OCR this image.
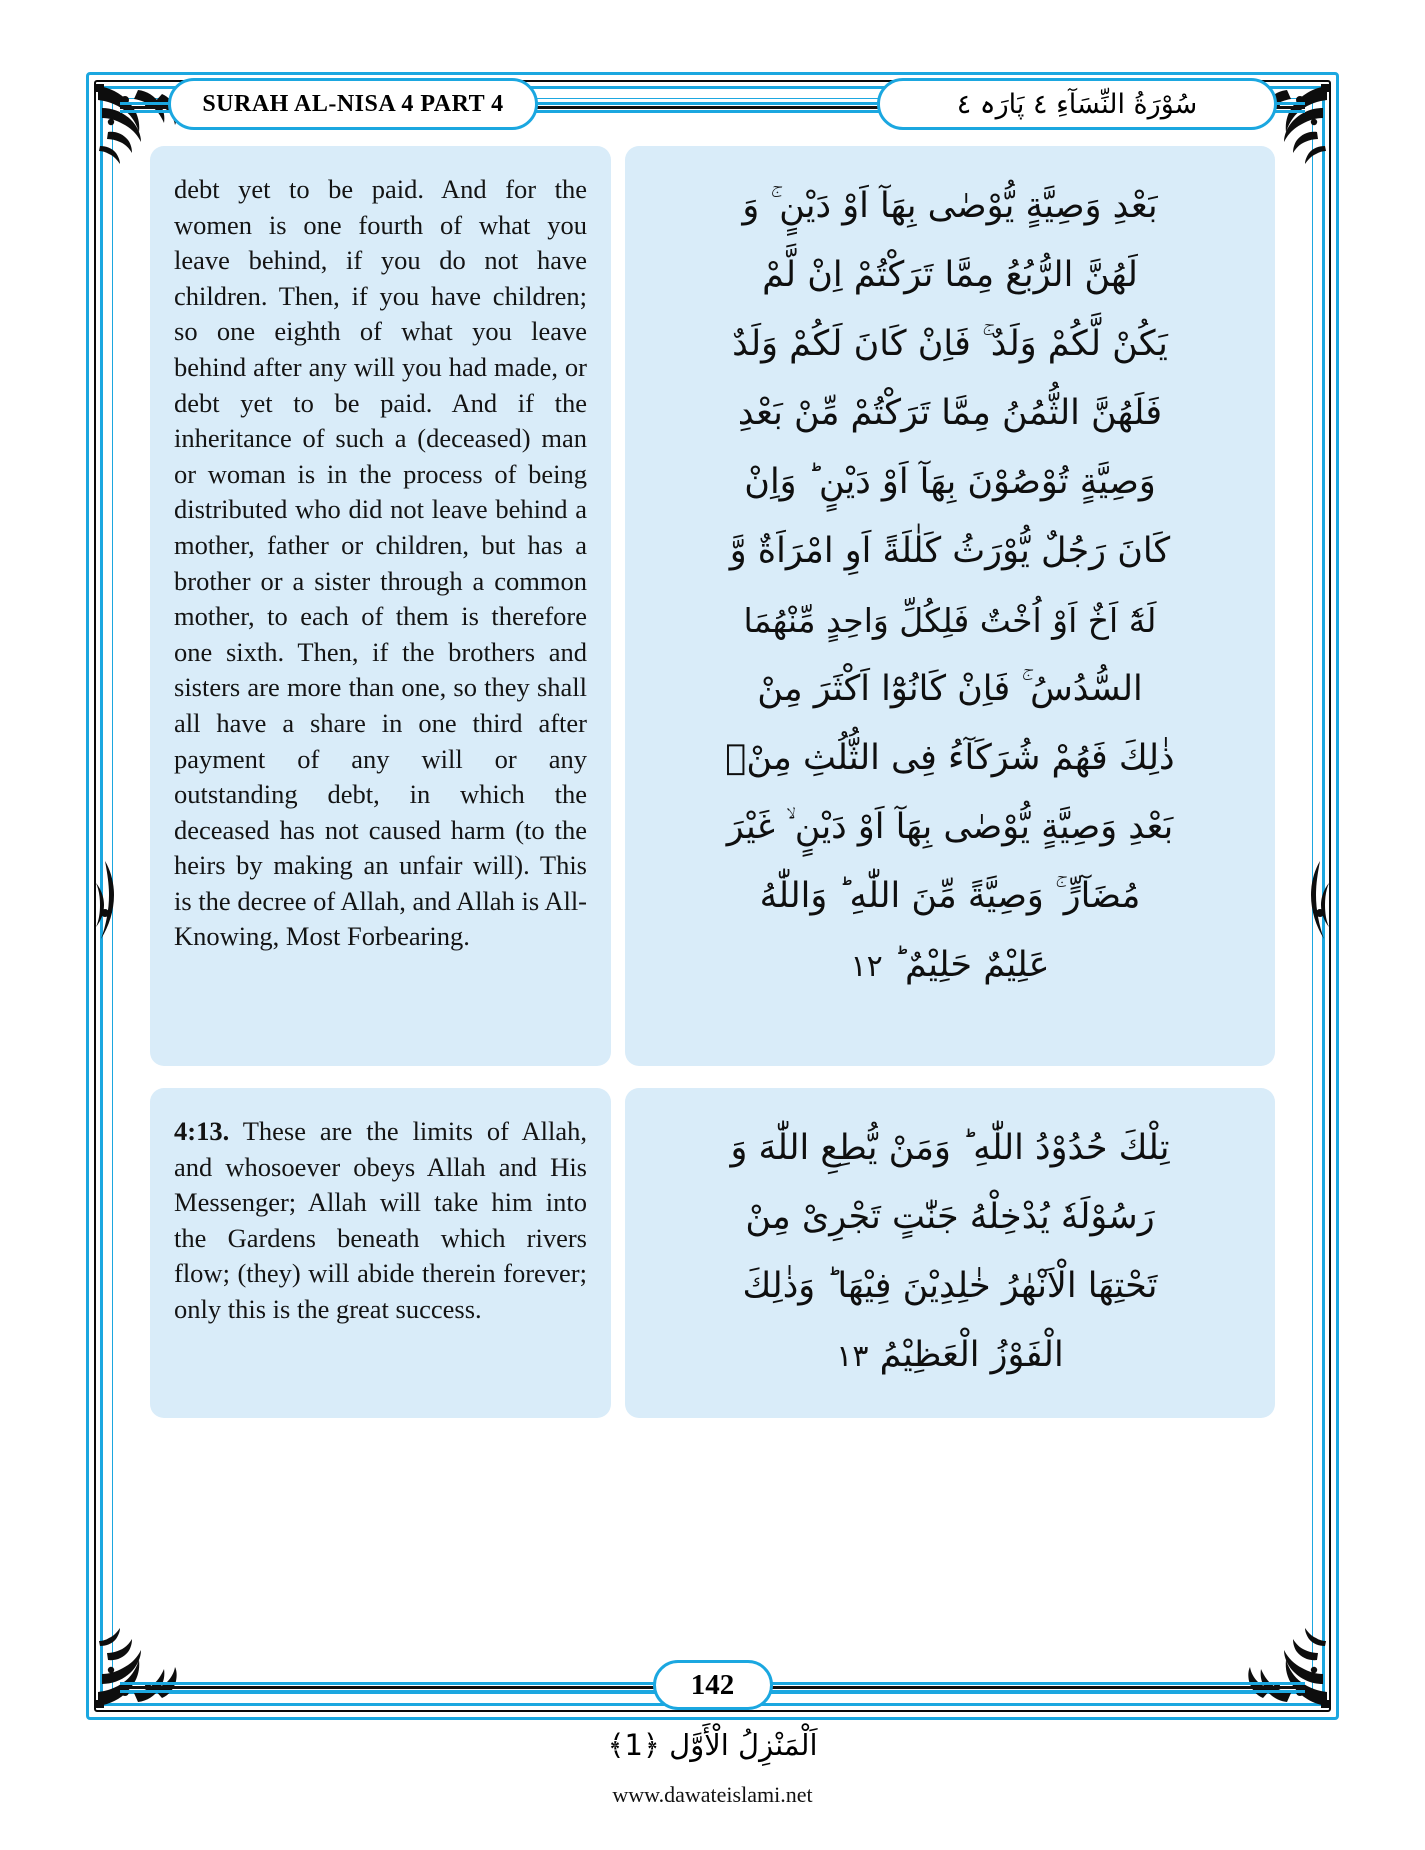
SURAH AL-NISA 4 PART 4	سُوْرَةُ النِّسَآءِ ٤ پَارَہ ٤
debt yet to be paid. And for the women is one fourth of what you leave behind, if you do not have children. Then, if you have children; so one eighth of what you leave behind after any will you had made, or debt yet to be paid. And if the inheritance of such a (deceased) man or woman is in the process of being distributed who did not leave behind a mother, father or children, but has a brother or a sister through a common mother, to each of them is therefore one sixth. Then, if the brothers and sisters are more than one, so they shall all have a share in one third after payment of any will or any outstanding debt, in which the deceased has not caused harm (to the heirs by making an unfair will). This is the decree of Allah, and Allah is All-Knowing, Most Forbearing.
بَعْدِ وَصِيَّةٍ يُّوْصٰى بِهَآ اَوْ دَيْنٍ ۚ وَ
لَهُنَّ الرُّبُعُ مِمَّا تَرَكْتُمْ اِنْ لَّمْ
يَكُنْ لَّكُمْ وَلَدٌ ۚ فَاِنْ كَانَ لَكُمْ وَلَدٌ
فَلَهُنَّ الثُّمُنُ مِمَّا تَرَكْتُمْ مِّنْ بَعْدِ
وَصِيَّةٍ تُوْصُوْنَ بِهَآ اَوْ دَيْنٍ ؕ وَاِنْ
كَانَ رَجُلٌ يُّوْرَثُ كَلٰلَةً اَوِ امْرَاَةٌ وَّ
لَهٗٓ اَخٌ اَوْ اُخْتٌ فَلِكُلِّ وَاحِدٍ مِّنْهُمَا
السُّدُسُ ۚ فَاِنْ كَانُوْٓا اَكْثَرَ مِنْ
ذٰلِكَ فَهُمْ شُرَكَآءُ فِى الثُّلُثِ مِنْۢ
بَعْدِ وَصِيَّةٍ يُّوْصٰى بِهَآ اَوْ دَيْنٍ ۙ غَيْرَ
مُضَآرٍّ ۚ وَصِيَّةً مِّنَ اللّٰهِ ؕ وَاللّٰهُ
عَلِيْمٌ حَلِيْمٌ ؕ ۱۲
4:13. These are the limits of Allah, and whosoever obeys Allah and His Messenger; Allah will take him into the Gardens beneath which rivers flow; (they) will abide therein forever; only this is the great success.
تِلْكَ حُدُوْدُ اللّٰهِ ؕ وَمَنْ يُّطِعِ اللّٰهَ وَ
رَسُوْلَهٗ يُدْخِلْهُ جَنّٰتٍ تَجْرِىْ مِنْ
تَحْتِهَا الْاَنْهٰرُ خٰلِدِيْنَ فِيْهَا ؕ وَذٰلِكَ
الْفَوْزُ الْعَظِيْمُ ۱۳
142
اَلْمَنْزِلُ الْأَوَّل ﴿1﴾
www.dawateislami.net
